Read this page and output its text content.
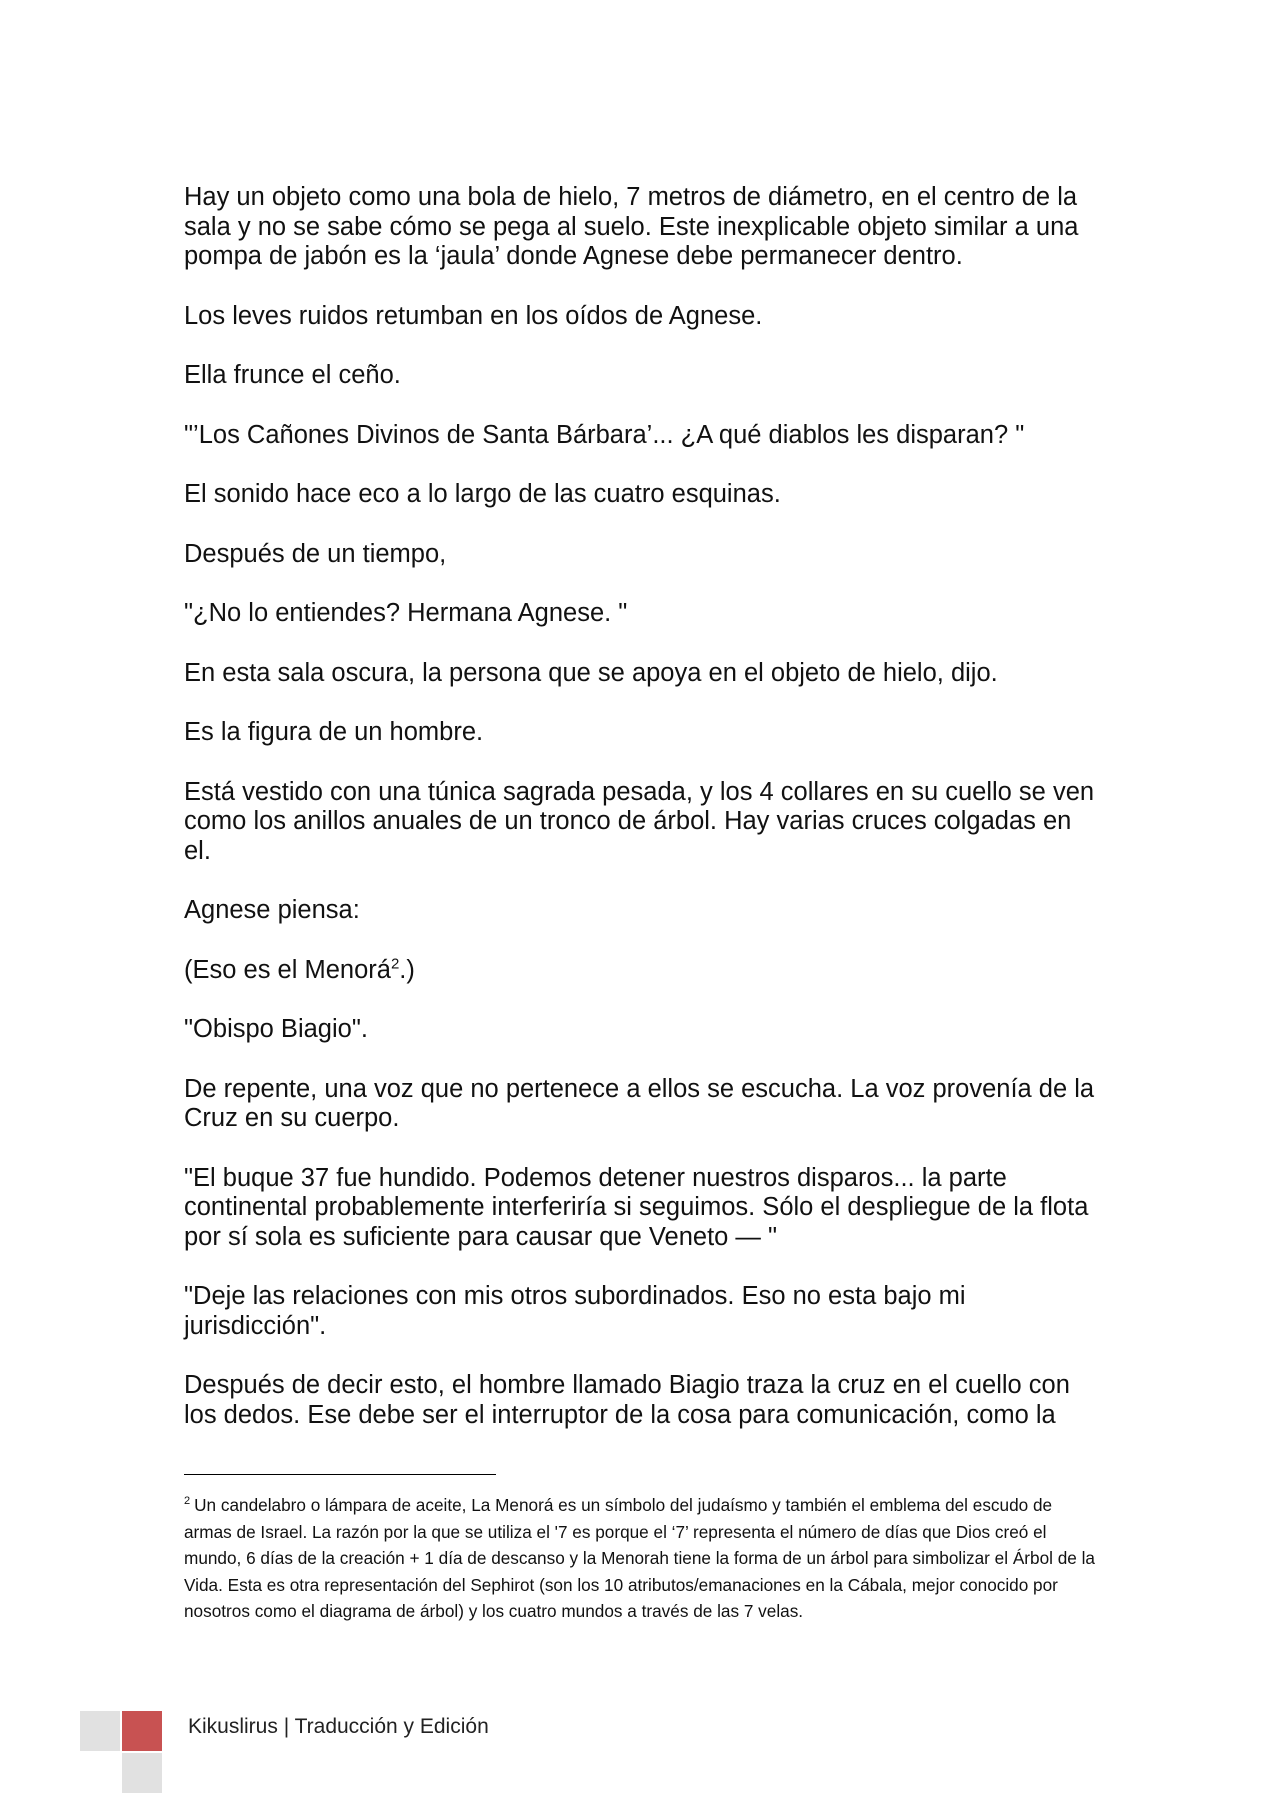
Hay un objeto como una bola de hielo, 7 metros de diámetro, en el centro de la sala y no se sabe cómo se pega al suelo. Este inexplicable objeto similar a una pompa de jabón es la ‘jaula’ donde Agnese debe permanecer dentro.

Los leves ruidos retumban en los oídos de Agnese.

Ella frunce el ceño.

"’Los Cañones Divinos de Santa Bárbara’... ¿A qué diablos les disparan? "

El sonido hace eco a lo largo de las cuatro esquinas.

Después de un tiempo,

"¿No lo entiendes? Hermana Agnese. "

En esta sala oscura, la persona que se apoya en el objeto de hielo, dijo.

Es la figura de un hombre.

Está vestido con una túnica sagrada pesada, y los 4 collares en su cuello se ven como los anillos anuales de un tronco de árbol. Hay varias cruces colgadas en el.

Agnese piensa:

(Eso es el Menorá$^2$.)

"Obispo Biagio".

De repente, una voz que no pertenece a ellos se escucha. La voz provenía de la Cruz en su cuerpo.

"El buque 37 fue hundido. Podemos detener nuestros disparos... la parte continental probablemente interferiría si seguimos. Sólo el despliegue de la flota por sí sola es suficiente para causar que Veneto — "

"Deje las relaciones con mis otros subordinados. Eso no esta bajo mi jurisdicción".

Después de decir esto, el hombre llamado Biagio traza la cruz en el cuello con los dedos. Ese debe ser el interruptor de la cosa para comunicación, como la

$^2$ Un candelabro o lámpara de aceite, La Menorá es un símbolo del judaísmo y también el emblema del escudo de armas de Israel. La razón por la que se utiliza el '7 es porque el ‘7’ representa el número de días que Dios creó el mundo, 6 días de la creación + 1 día de descanso y la Menorah tiene la forma de un árbol para simbolizar el Árbol de la Vida. Esta es otra representación del Sephirot (son los 10 atributos/emanaciones en la Cábala, mejor conocido por nosotros como el diagrama de árbol) y los cuatro mundos a través de las 7 velas.
Kikuslirus | Traducción y Edición
